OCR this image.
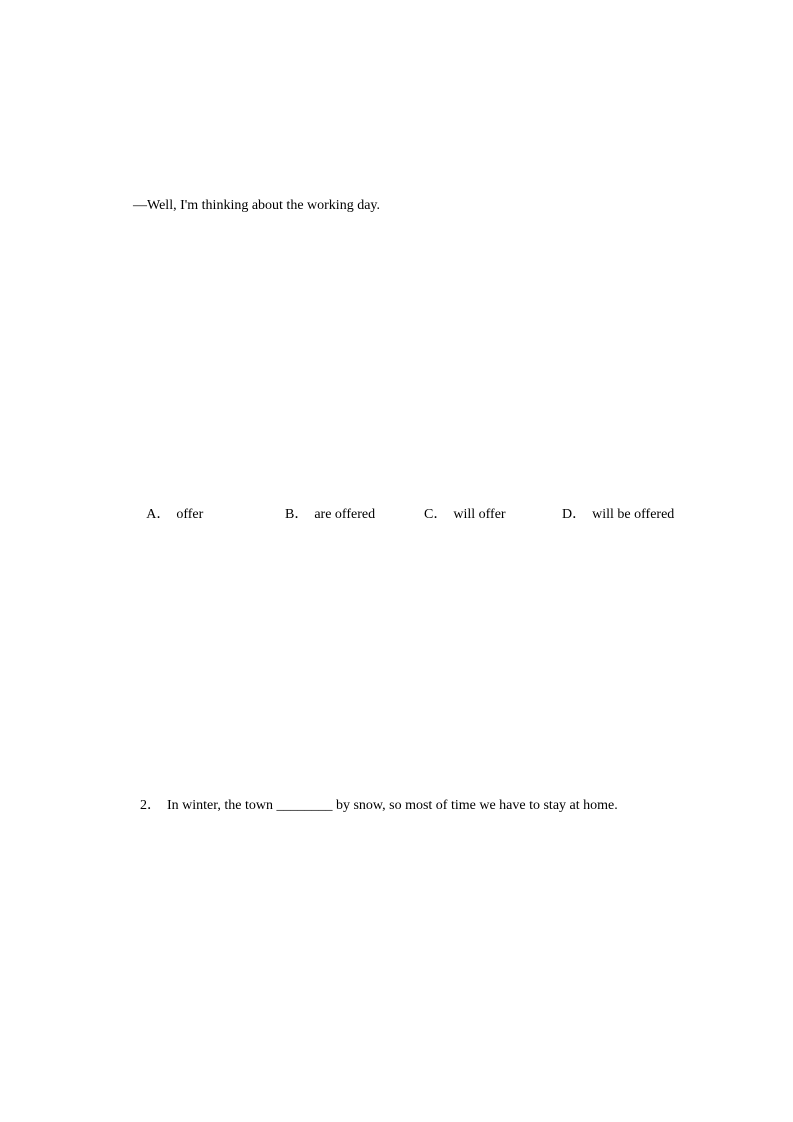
—Well, I'm thinking about the working day.

A． offer
	B． are offered
	C． will offer
	D． will be offered

2． In winter, the town ________ by snow, so most of time we have to stay at home.
